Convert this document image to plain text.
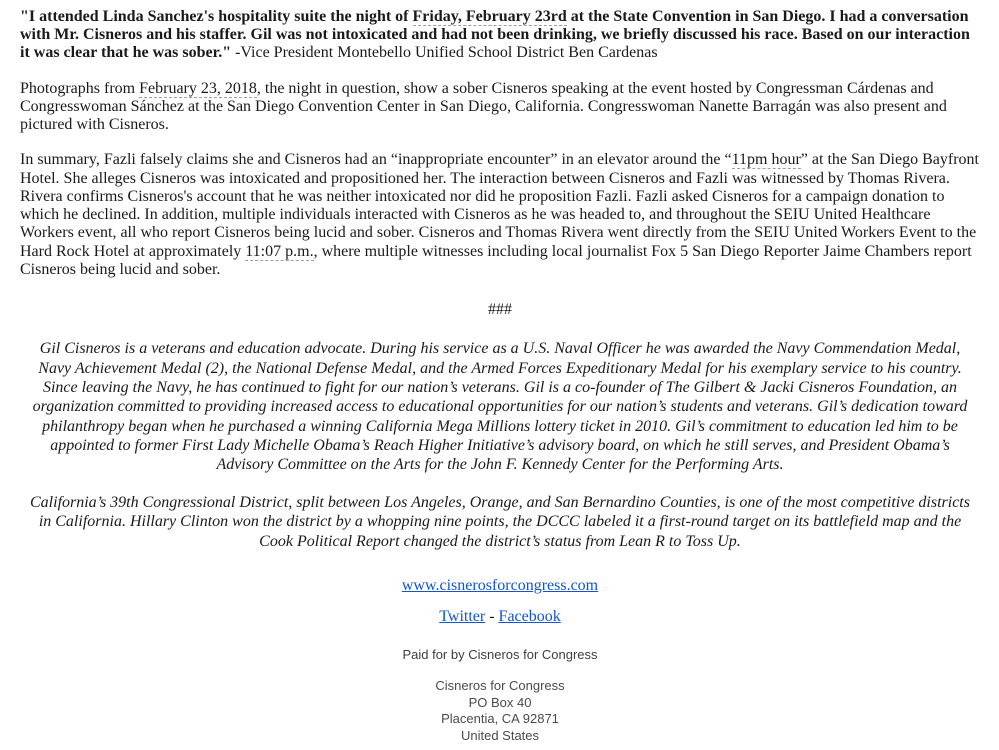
"I attended Linda Sanchez's hospitality suite the night of Friday, February 23rd at the State Convention in San Diego. I had a conversation with Mr. Cisneros and his staffer. Gil was not intoxicated and had not been drinking, we briefly discussed his race. Based on our interaction it was clear that he was sober." -Vice President Montebello Unified School District Ben Cardenas

Photographs from February 23, 2018, the night in question, show a sober Cisneros speaking at the event hosted by Congressman Cárdenas and Congresswoman Sánchez at the San Diego Convention Center in San Diego, California. Congresswoman Nanette Barragán was also present and pictured with Cisneros.

In summary, Fazli falsely claims she and Cisneros had an “inappropriate encounter” in an elevator around the “11pm hour” at the San Diego Bayfront Hotel. She alleges Cisneros was intoxicated and propositioned her. The interaction between Cisneros and Fazli was witnessed by Thomas Rivera. Rivera confirms Cisneros's account that he was neither intoxicated nor did he proposition Fazli. Fazli asked Cisneros for a campaign donation to which he declined. In addition, multiple individuals interacted with Cisneros as he was headed to, and throughout the SEIU United Healthcare Workers event, all who report Cisneros being lucid and sober. Cisneros and Thomas Rivera went directly from the SEIU United Workers Event to the Hard Rock Hotel at approximately 11:07 p.m., where multiple witnesses including local journalist Fox 5 San Diego Reporter Jaime Chambers report Cisneros being lucid and sober.

###

Gil Cisneros is a veterans and education advocate. During his service as a U.S. Naval Officer he was awarded the Navy Commendation Medal, Navy Achievement Medal (2), the National Defense Medal, and the Armed Forces Expeditionary Medal for his exemplary service to his country. Since leaving the Navy, he has continued to fight for our nation’s veterans. Gil is a co-founder of The Gilbert & Jacki Cisneros Foundation, an organization committed to providing increased access to educational opportunities for our nation’s students and veterans. Gil’s dedication toward philanthropy began when he purchased a winning California Mega Millions lottery ticket in 2010. Gil’s commitment to education led him to be appointed to former First Lady Michelle Obama’s Reach Higher Initiative’s advisory board, on which he still serves, and President Obama’s Advisory Committee on the Arts for the John F. Kennedy Center for the Performing Arts.

California’s 39th Congressional District, split between Los Angeles, Orange, and San Bernardino Counties, is one of the most competitive districts in California. Hillary Clinton won the district by a whopping nine points, the DCCC labeled it a first-round target on its battlefield map and the Cook Political Report changed the district’s status from Lean R to Toss Up.

www.cisnerosforcongress.com

Twitter - Facebook

Paid for by Cisneros for Congress

Cisneros for Congress
PO Box 40
Placentia, CA 92871
United States
